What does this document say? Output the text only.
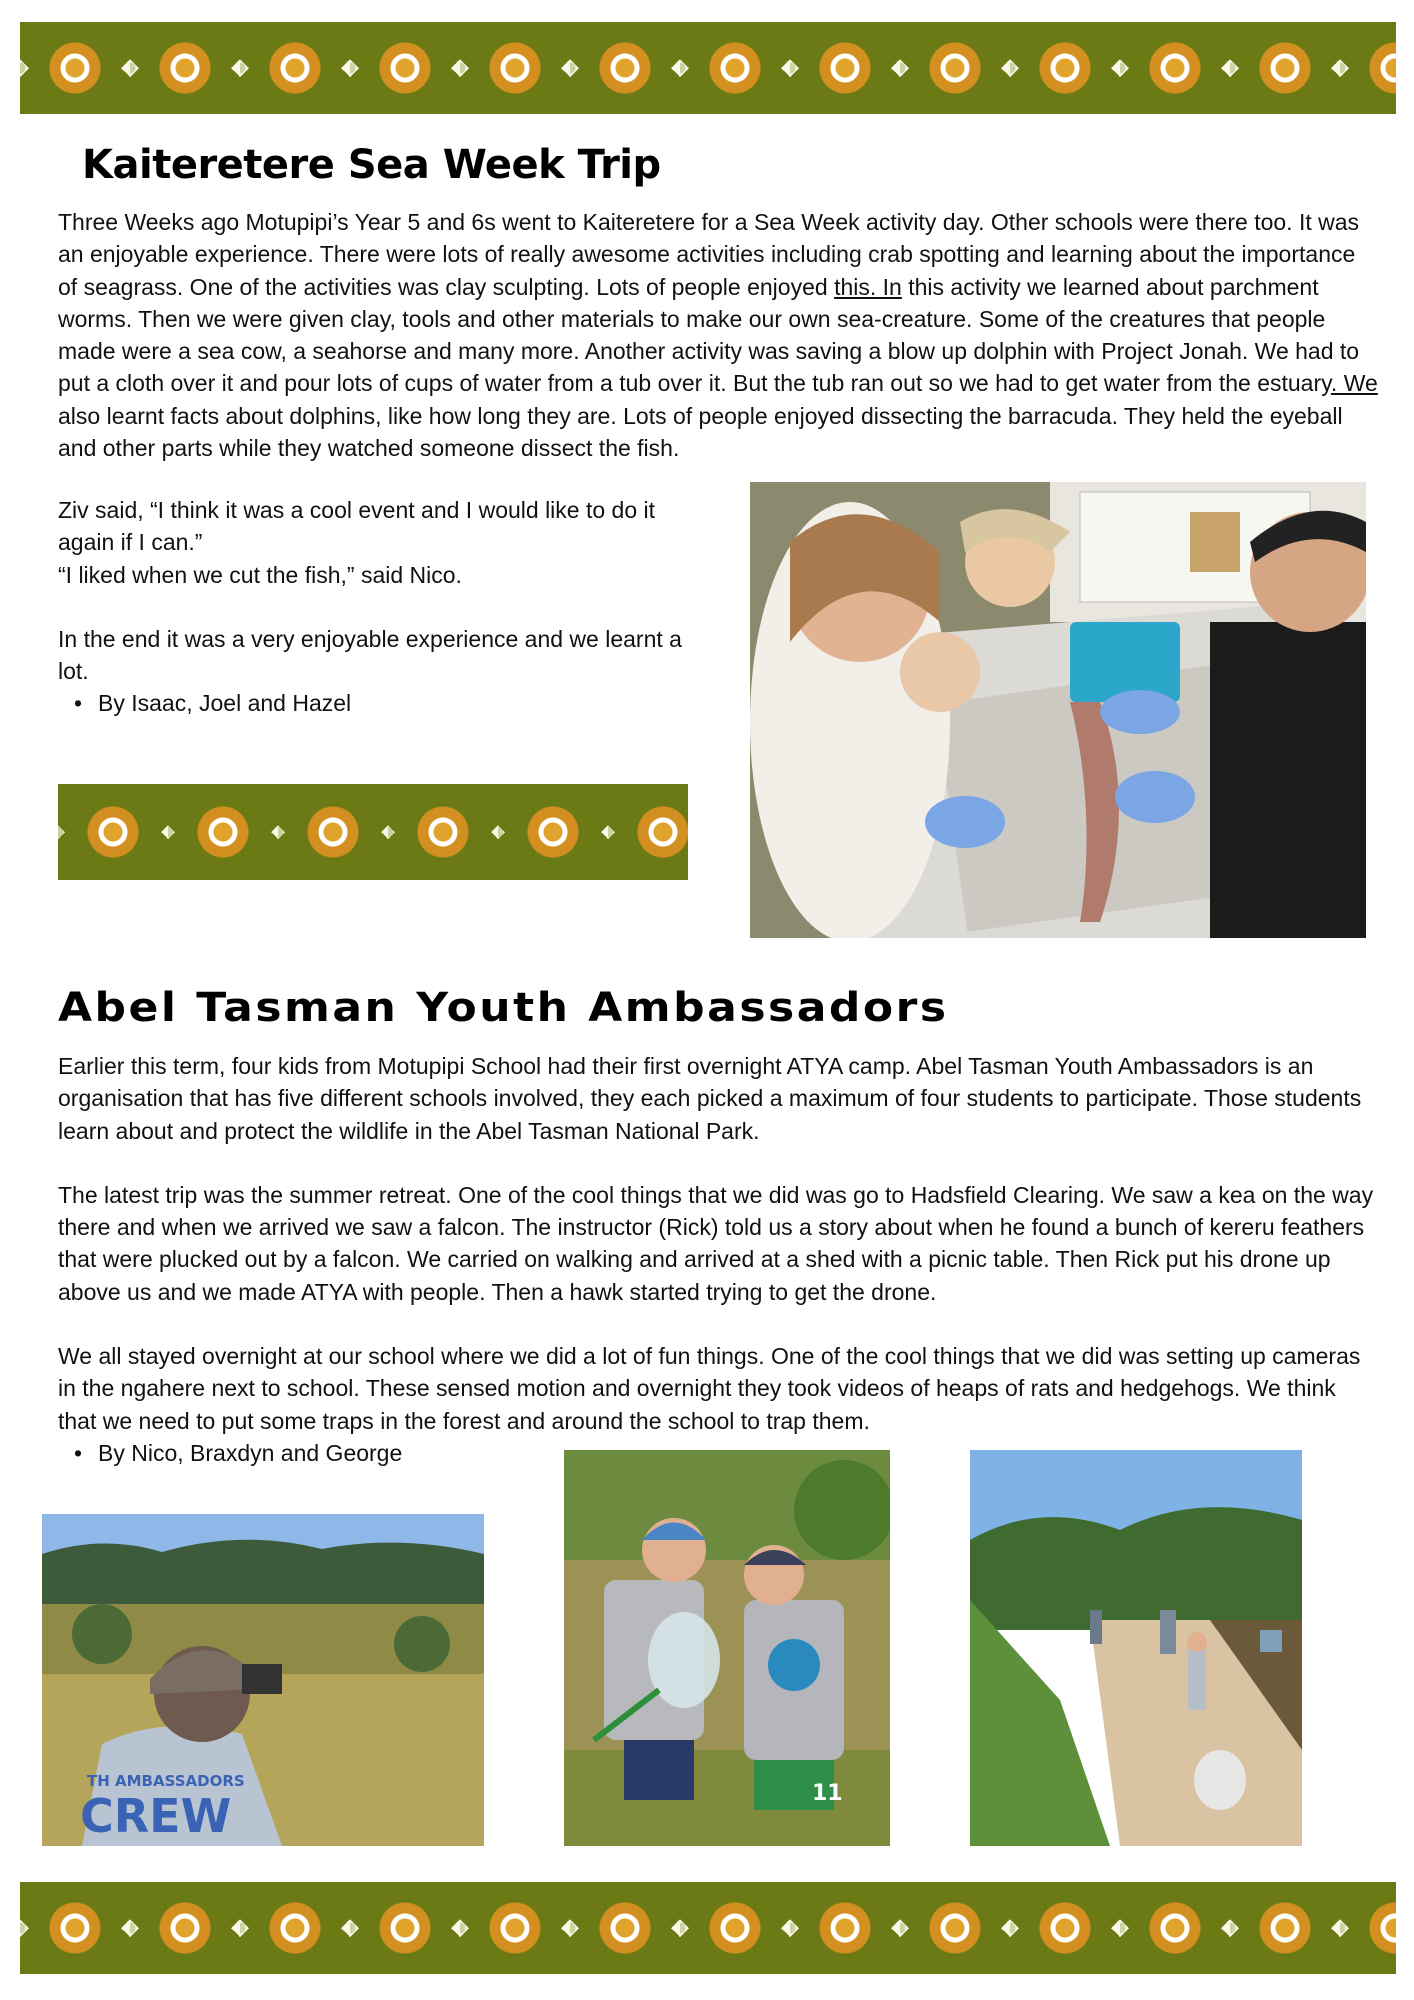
Kaiteretere Sea Week Trip

Three Weeks ago Motupipi’s Year 5 and 6s went to Kaiteretere for a Sea Week activity day. Other schools were there too. It was an enjoyable experience. There were lots of really awesome activities including crab spotting and learning about the importance of seagrass. One of the activities was clay sculpting. Lots of people enjoyed this. In this activity we learned about parchment worms. Then we were given clay, tools and other materials to make our own sea-creature. Some of the creatures that people made were a sea cow, a seahorse and many more. Another activity was saving a blow up dolphin with Project Jonah. We had to put a cloth over it and pour lots of cups of water from a tub over it. But the tub ran out so we had to get water from the estuary. We also learnt facts about dolphins, like how long they are. Lots of people enjoyed dissecting the barracuda. They held the eyeball and other parts while they watched someone dissect the fish.

Ziv said, “I think it was a cool event and I would like to do it again if I can.”

“I liked when we cut the fish,” said Nico.

In the end it was a very enjoyable experience and we learnt a lot.

• By Isaac, Joel and Hazel
Abel Tasman Youth Ambassadors

Earlier this term, four kids from Motupipi School had their first overnight ATYA camp. Abel Tasman Youth Ambassadors is an organisation that has five different schools involved, they each picked a maximum of four students to participate. Those students learn about and protect the wildlife in the Abel Tasman National Park.

The latest trip was the summer retreat. One of the cool things that we did was go to Hadsfield Clearing. We saw a kea on the way there and when we arrived we saw a falcon. The instructor (Rick) told us a story about when he found a bunch of kereru feathers that were plucked out by a falcon. We carried on walking and arrived at a shed with a picnic table. Then Rick put his drone up above us and we made ATYA with people. Then a hawk started trying to get the drone.

We all stayed overnight at our school where we did a lot of fun things. One of the cool things that we did was setting up cameras in the ngahere next to school. These sensed motion and overnight they took videos of heaps of rats and hedgehogs. We think that we need to put some traps in the forest and around the school to trap them.

• By Nico, Braxdyn and George
TH AMBASSADORS
CREW	11
